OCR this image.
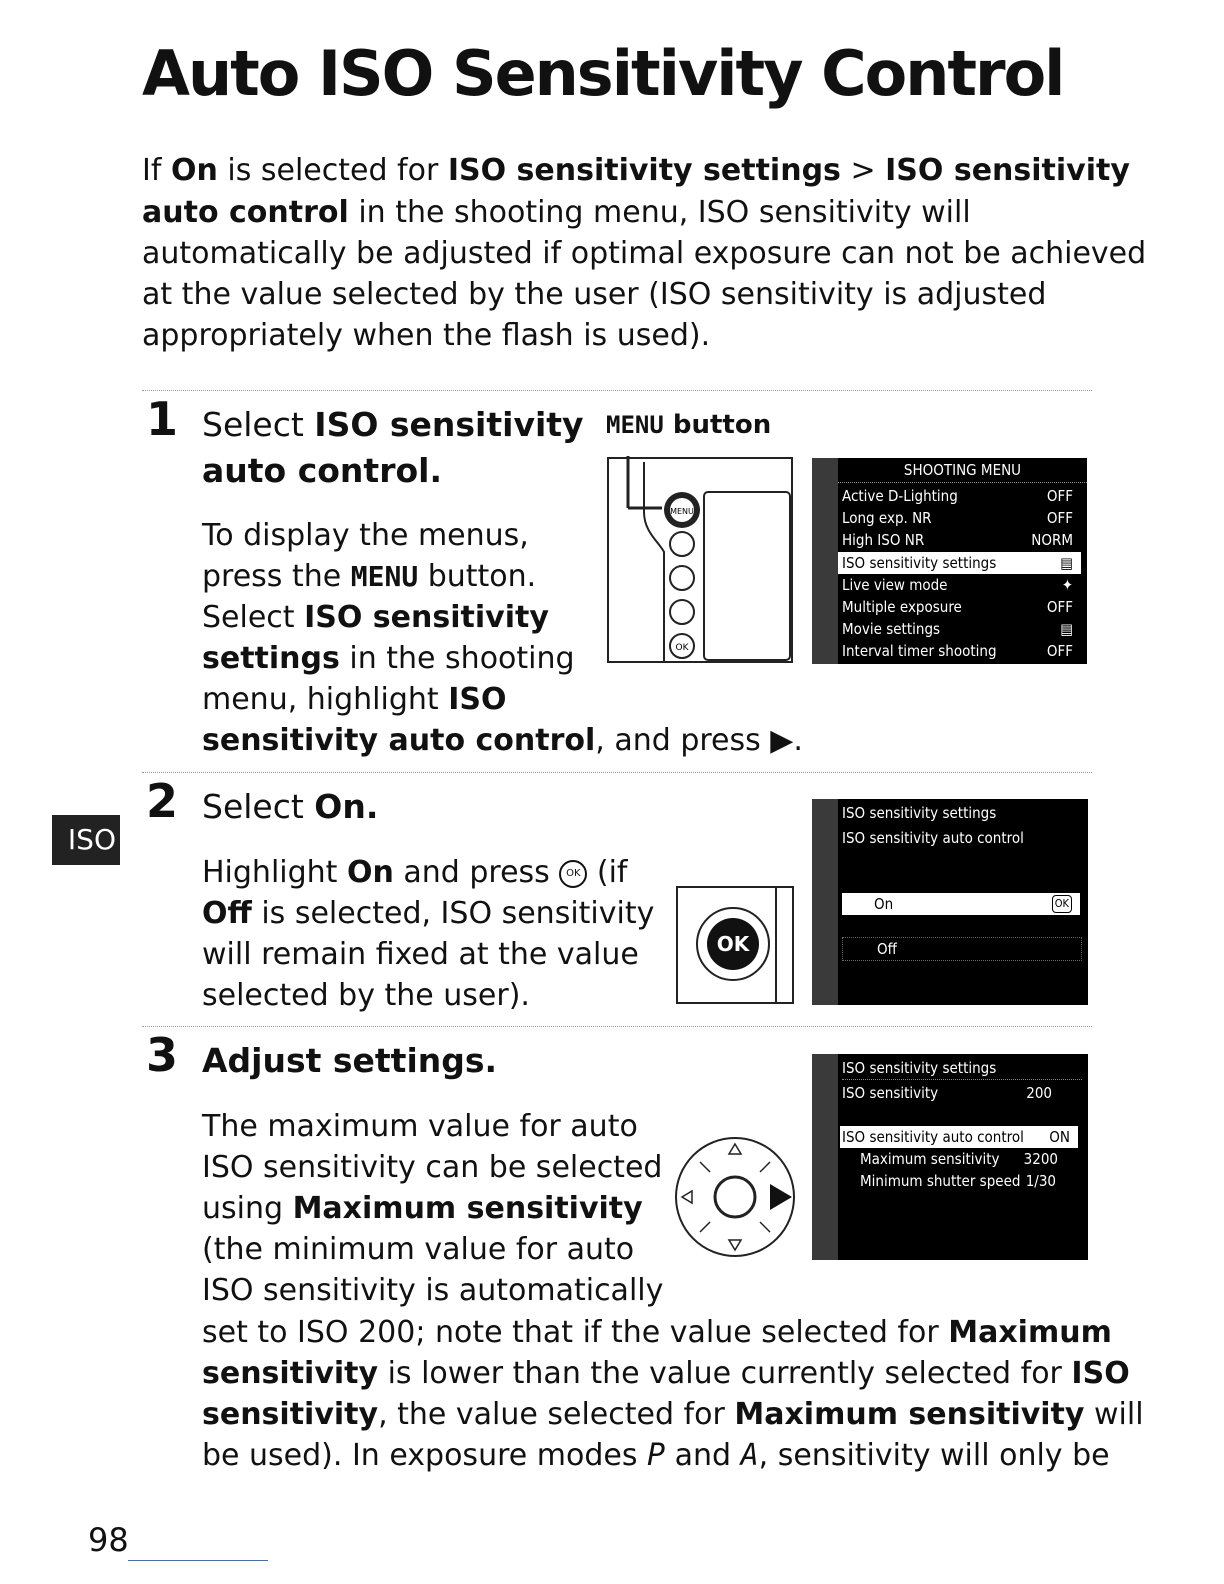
Auto ISO Sensitivity Control

If On is selected for ISO sensitivity settings > ISO sensitivity

auto control in the shooting menu, ISO sensitivity will

automatically be adjusted if optimal exposure can not be achieved

at the value selected by the user (ISO sensitivity is adjusted

appropriately when the flash is used).

1 Select ISO sensitivity
auto control.
MENU button
MENU
OK
SHOOTING MENU
Active D-Lighting	OFF
Long exp. NR	OFF
High ISO NR	NORM
ISO sensitivity settings	▤
Live view mode	✦
Multiple exposure	OFF
Movie settings	▤
Interval timer shooting	OFF

To display the menus,

press the MENU button.

Select ISO sensitivity

settings in the shooting

menu, highlight ISO

sensitivity auto control, and press ▶.

ISO
2 Select On.

Highlight On and press OK (if

Off is selected, ISO sensitivity

will remain fixed at the value

selected by the user).

OK
ISO sensitivity settings
ISO sensitivity auto control
On	OK
Off
3 Adjust settings.

The maximum value for auto

ISO sensitivity can be selected

using Maximum sensitivity

(the minimum value for auto

ISO sensitivity is automatically

set to ISO 200; note that if the value selected for Maximum

sensitivity is lower than the value currently selected for ISO

sensitivity, the value selected for Maximum sensitivity will

be used). In exposure modes P and A, sensitivity will only be

ISO sensitivity settings
ISO sensitivity	200
ISO sensitivity auto control ON
Maximum sensitivity 3200
Minimum shutter speed 1/30
98
